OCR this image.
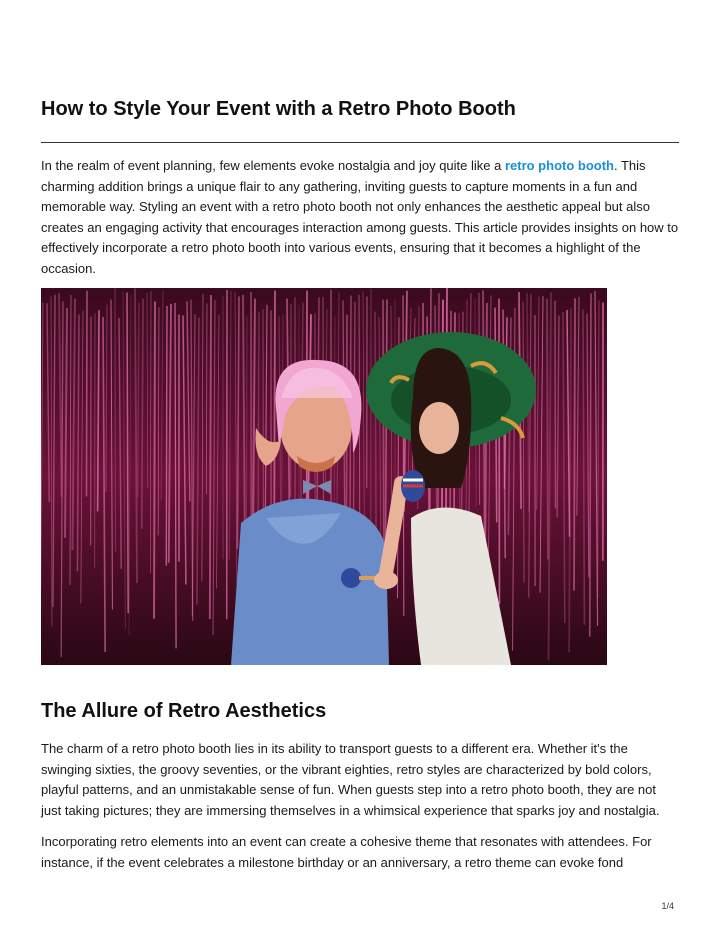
How to Style Your Event with a Retro Photo Booth

In the realm of event planning, few elements evoke nostalgia and joy quite like a retro photo booth. This charming addition brings a unique flair to any gathering, inviting guests to capture moments in a fun and memorable way. Styling an event with a retro photo booth not only enhances the aesthetic appeal but also creates an engaging activity that encourages interaction among guests. This article provides insights on how to effectively incorporate a retro photo booth into various events, ensuring that it becomes a highlight of the occasion.

The Allure of Retro Aesthetics

The charm of a retro photo booth lies in its ability to transport guests to a different era. Whether it's the swinging sixties, the groovy seventies, or the vibrant eighties, retro styles are characterized by bold colors, playful patterns, and an unmistakable sense of fun. When guests step into a retro photo booth, they are not just taking pictures; they are immersing themselves in a whimsical experience that sparks joy and nostalgia.

Incorporating retro elements into an event can create a cohesive theme that resonates with attendees. For instance, if the event celebrates a milestone birthday or an anniversary, a retro theme can evoke fond

1/4
